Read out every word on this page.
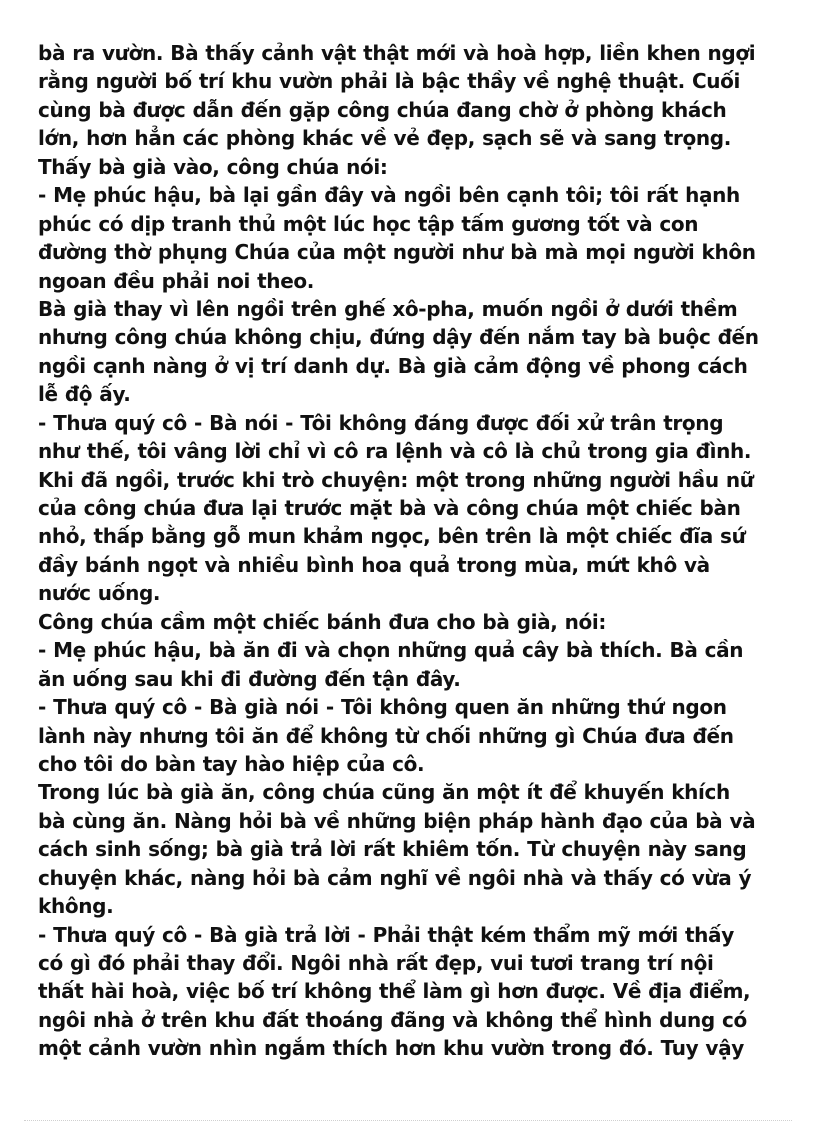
bà ra vườn. Bà thấy cảnh vật thật mới và hoà hợp, liền khen ngợi
rằng người bố trí khu vườn phải là bậc thầy về nghệ thuật. Cuối
cùng bà được dẫn đến gặp công chúa đang chờ ở phòng khách
lớn, hơn hẳn các phòng khác về vẻ đẹp, sạch sẽ và sang trọng.
Thấy bà già vào, công chúa nói:
- Mẹ phúc hậu, bà lại gần đây và ngồi bên cạnh tôi; tôi rất hạnh
phúc có dịp tranh thủ một lúc học tập tấm gương tốt và con
đường thờ phụng Chúa của một người như bà mà mọi người khôn
ngoan đều phải noi theo.
Bà già thay vì lên ngồi trên ghế xô-pha, muốn ngồi ở dưới thềm
nhưng công chúa không chịu, đứng dậy đến nắm tay bà buộc đến
ngồi cạnh nàng ở vị trí danh dự. Bà già cảm động về phong cách
lễ độ ấy.
- Thưa quý cô - Bà nói - Tôi không đáng được đối xử trân trọng
như thế, tôi vâng lời chỉ vì cô ra lệnh và cô là chủ trong gia đình.
Khi đã ngồi, trước khi trò chuyện: một trong những người hầu nữ
của công chúa đưa lại trước mặt bà và công chúa một chiếc bàn
nhỏ, thấp bằng gỗ mun khảm ngọc, bên trên là một chiếc đĩa sứ
đầy bánh ngọt và nhiều bình hoa quả trong mùa, mứt khô và
nước uống.
Công chúa cầm một chiếc bánh đưa cho bà già, nói:
- Mẹ phúc hậu, bà ăn đi và chọn những quả cây bà thích. Bà cần
ăn uống sau khi đi đường đến tận đây.
- Thưa quý cô - Bà già nói - Tôi không quen ăn những thứ ngon
lành này nhưng tôi ăn để không từ chối những gì Chúa đưa đến
cho tôi do bàn tay hào hiệp của cô.
Trong lúc bà già ăn, công chúa cũng ăn một ít để khuyến khích
bà cùng ăn. Nàng hỏi bà về những biện pháp hành đạo của bà và
cách sinh sống; bà già trả lời rất khiêm tốn. Từ chuyện này sang
chuyện khác, nàng hỏi bà cảm nghĩ về ngôi nhà và thấy có vừa ý
không.
- Thưa quý cô - Bà già trả lời - Phải thật kém thẩm mỹ mới thấy
có gì đó phải thay đổi. Ngôi nhà rất đẹp, vui tươi trang trí nội
thất hài hoà, việc bố trí không thể làm gì hơn được. Về địa điểm,
ngôi nhà ở trên khu đất thoáng đãng và không thể hình dung có
một cảnh vườn nhìn ngắm thích hơn khu vườn trong đó. Tuy vậy
